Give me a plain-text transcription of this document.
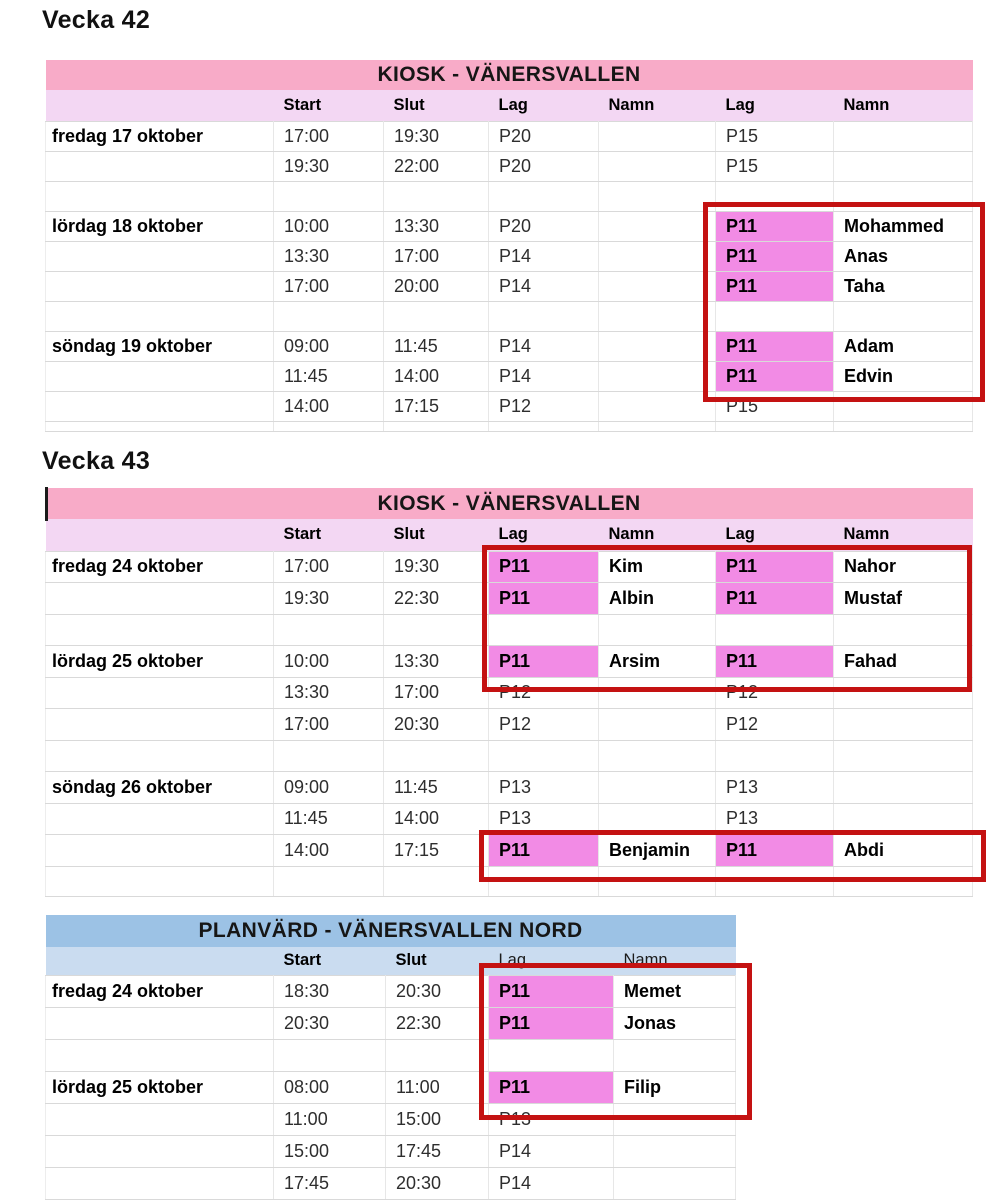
Vecka 42
Vecka 43
KIOSK - VÄNERSVALLEN						
	Start	Slut	Lag	Namn	Lag	Namn
fredag 17 oktober	17:00	19:30	P20		P15	
	19:30	22:00	P20		P15	

lördag 18 oktober	10:00	13:30	P20		P11	Mohammed
	13:30	17:00	P14		P11	Anas
	17:00	20:00	P14		P11	Taha

söndag 19 oktober	09:00	11:45	P14		P11	Adam
	11:45	14:00	P14		P11	Edvin
	14:00	17:15	P12		P15	

KIOSK - VÄNERSVALLEN						
	Start	Slut	Lag	Namn	Lag	Namn
fredag 24 oktober	17:00	19:30	P11	Kim	P11	Nahor
	19:30	22:30	P11	Albin	P11	Mustaf

lördag 25 oktober	10:00	13:30	P11	Arsim	P11	Fahad
	13:30	17:00	P12		P12	
	17:00	20:30	P12		P12	

söndag 26 oktober	09:00	11:45	P13		P13	
	11:45	14:00	P13		P13	
	14:00	17:15	P11	Benjamin	P11	Abdi

PLANVÄRD - VÄNERSVALLEN NORD				
	Start	Slut	Lag	Namn
fredag 24 oktober	18:30	20:30	P11	Memet
	20:30	22:30	P11	Jonas

lördag 25 oktober	08:00	11:00	P11	Filip
	11:00	15:00	P13	
	15:00	17:45	P14	
	17:45	20:30	P14	
